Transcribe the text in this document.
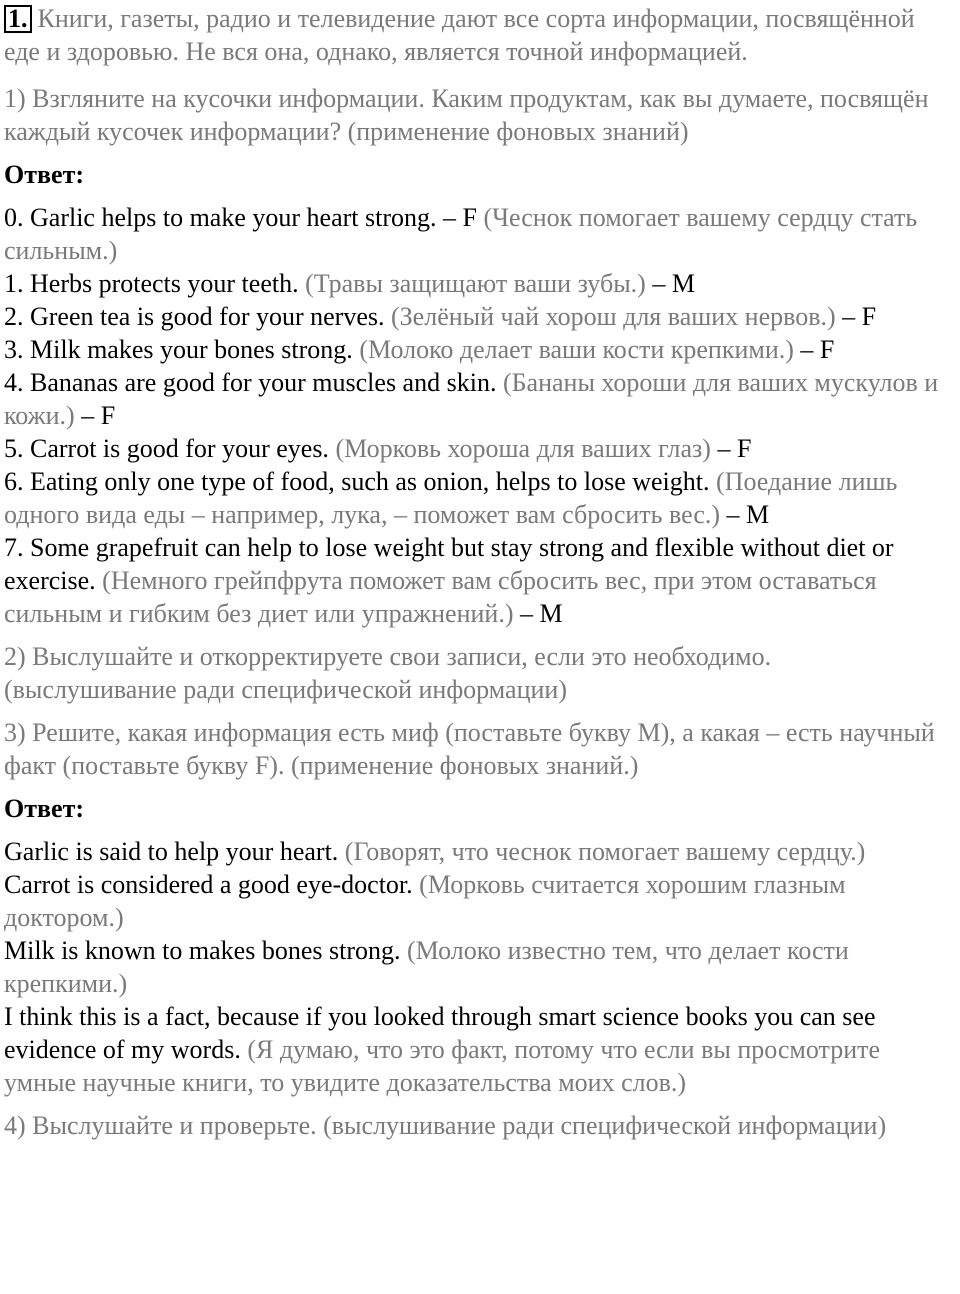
1. Книги, газеты, радио и телевидение дают все сорта информации, посвящённой еде и здоровью. Не вся она, однако, является точной информацией.

1) Взгляните на кусочки информации. Каким продуктам, как вы думаете, посвящён каждый кусочек информации? (применение фоновых знаний)

Ответ:

0. Garlic helps to make your heart strong. – F (Чеснок помогает вашему сердцу стать сильным.)

1. Herbs protects your teeth. (Травы защищают ваши зубы.) – M

2. Green tea is good for your nerves. (Зелёный чай хорош для ваших нервов.) – F

3. Milk makes your bones strong. (Молоко делает ваши кости крепкими.) – F

4. Bananas are good for your muscles and skin. (Бананы хороши для ваших мускулов и кожи.) – F

5. Carrot is good for your eyes. (Морковь хороша для ваших глаз) – F

6. Eating only one type of food, such as onion, helps to lose weight. (Поедание лишь одного вида еды – например, лука, – поможет вам сбросить вес.) – M

7. Some grapefruit can help to lose weight but stay strong and flexible without diet or exercise. (Немного грейпфрута поможет вам сбросить вес, при этом оставаться сильным и гибким без диет или упражнений.) – M

2) Выслушайте и откорректируете свои записи, если это необходимо. (выслушивание ради специфической информации)

3) Решите, какая информация есть миф (поставьте букву M), а какая – есть научный факт (поставьте букву F). (применение фоновых знаний.)

Ответ:

Garlic is said to help your heart. (Говорят, что чеснок помогает вашему сердцу.)

Carrot is considered a good eye-doctor. (Морковь считается хорошим глазным доктором.)

Milk is known to makes bones strong. (Молоко известно тем, что делает кости крепкими.)

I think this is a fact, because if you looked through smart science books you can see evidence of my words. (Я думаю, что это факт, потому что если вы просмотрите умные научные книги, то увидите доказательства моих слов.)

4) Выслушайте и проверьте. (выслушивание ради специфической информации)
